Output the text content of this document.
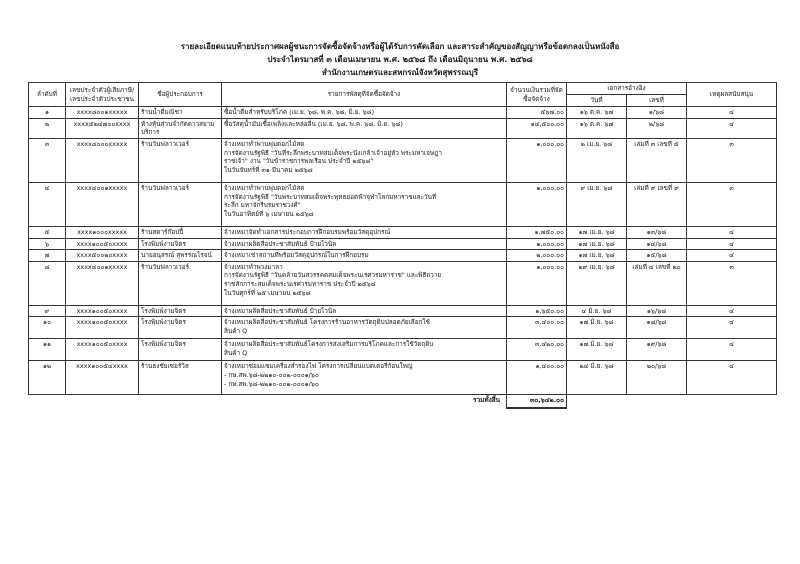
รายละเอียดแนบท้ายประกาศผลผู้ชนะการจัดซื้อจัดจ้างหรือผู้ได้รับการคัดเลือก และสาระสำคัญของสัญญาหรือข้อตกลงเป็นหนังสือ
ประจำไตรมาสที่ ๓ เดือนเมษายน พ.ศ. ๒๕๖๘ ถึง เดือนมิถุนายน พ.ศ. ๒๕๖๘
สำนักงานเกษตรและสหกรณ์จังหวัดสุพรรณบุรี
ลำดับที่	เลขประจำตัวผู้เสียภาษี/ เลขประจำตัวประชาชน	ชื่อผู้ประกอบการ	รายการพัสดุที่จัดซื้อจัดจ้าง	จำนวนเงินรวมที่จัดซื้อจัดจ้าง	เอกสารอ้างอิง		เหตุผลสนับสนุน
					วันที่	เลขที่	
๑	xxxx๘๐๐๑xxxxx	ร้านน้ำดื่มณิชา	ซื้อน้ำดื่มสำหรับบริโภค (เม.ย. ๖๘, พ.ค. ๖๘, มิ.ย. ๖๘)	๕๖๗.๐๐	๑๖ ต.ค. ๖๗	๑/๖๘	๔
๒	xxxx๕๒๔๗๐๐xxxx	ห้างหุ้นส่วนจำกัดดาวสยามบริการ	ซื้อวัสดุน้ำมันเชื้อเพลิงและหล่อลื่น (เม.ย. ๖๘, พ.ค. ๖๘, มิ.ย. ๖๘)	๑๔,๕๐๐.๐๐	๑๖ ต.ค. ๖๗	๒/๖๘	๔
๓	xxxx๔๐๐๐xxxxx	ร้านวันฟลาวเวอร์	จ้างเหมาทำพานพุ่มดอกไม้สด
การจัดงานรัฐพิธี "วันที่ระลึกพระบาทสมเด็จพระนั่งเกล้าเจ้าอยู่หัว พระมหาเจษฎา
ราชเจ้า" งาน "วันข้าราชการพลเรือน ประจำปี ๒๕๖๘"
ในวันจันทร์ที่ ๓๑ มีนาคม ๒๕๖๘	๑,๐๐๐.๐๐	๒ เม.ย. ๖๘	เล่มที่ ๓ เลขที่ ๕	๓
๔	xxxx๔๐๐๑xxxxx	ร้านวันฟลาวเวอร์	จ้างเหมาทำพานพุ่มดอกไม้สด
การจัดงานรัฐพิธี "วันพระบาทสมเด็จพระพุทธยอดฟ้าจุฬาโลกมหาราชและวันที่
ระลึก มหาจักรีบรมราชวงศ์"
ในวันอาทิตย์ที่ ๖ เมษายน ๒๕๖๘	๑,๐๐๐.๐๐	๙ เม.ย. ๖๘	เล่มที่ ๙ เลขที่ ๙	๓
๕	xxxx๑๐๐๐xxxxx	ร้านสตาร์ก๊อปปี้	จ้างเหมาจัดทำเอกสารประกอบการฝึกอบรมพร้อมวัสดุอุปกรณ์	๑,๗๕๐.๐๐	๑๗ เม.ย. ๖๘	๑๓/๖๘	๔
๖	xxxx๑๐๐๕๐xxxx	โรงพิมพ์งามจิตร	จ้างเหมาผลิตสื่อประชาสัมพันธ์ ป้ายไวนิล	๑,๐๐๐.๐๐	๑๗ เม.ย. ๖๘	๑๔/๖๘	๔
๗	xxxx๕๐๐๒๐xxxx	นายอนุสรณ์ สุพรรณไรจน์	จ้างเหมาเช่าสถานที่พร้อมวัสดุอุปกรณ์ในการฝึกอบรม	๒,๐๐๐.๐๐	๑๗ เม.ย. ๖๘	๑๕/๖๘	๔
๘	xxxx๔๐๐๑xxxxx	ร้านวันฟลาวเวอร์	จ้างเหมาทำพวงมาลา
การจัดงานรัฐพิธี "วันคล้ายวันสวรรคตสมเด็จพระนเรศวรมหาราช" และพิธีถวาย
ราชสักการะสมเด็จพระนเรศวรมหาราช ประจำปี ๒๕๖๘
ในวันศุกร์ที่ ๒๕ เมษายน ๒๕๖๘	๑,๐๐๐.๐๐	๒๙ เม.ย. ๖๘	เล่มที่ ๔ เลขที่ ๒๐	๓
๙	xxxx๑๐๐๕๐xxxx	โรงพิมพ์งามจิตร	จ้างเหมาผลิตสื่อประชาสัมพันธ์ ป้ายไวนิล	๑,๖๕๐.๐๐	๔ มิ.ย. ๖๘	๑๖/๖๘	๔
๑๐	xxxx๑๐๐๕๐xxxx	โรงพิมพ์งามจิตร	จ้างเหมาผลิตสื่อประชาสัมพันธ์ โครงการร้านอาหารวัตถุดิบปลอดภัยเลือกใช้
สินค้า Q	๓,๔๐๐.๐๐	๑๗ มิ.ย. ๖๘	๑๘/๖๘	๔
๑๑	xxxx๑๐๐๕๐xxxx	โรงพิมพ์งามจิตร	จ้างเหมาผลิตสื่อประชาสัมพันธ์โครงการส่งเสริมการบริโภคและการใช้วัตถุดิบ
สินค้า Q	๓,๔๒๐.๐๐	๑๗ มิ.ย. ๖๘	๑๙/๖๘	๔
๑๒	xxxx๑๐๐๕๔xxxx	ร้านธงชัยเซอร์วิส	จ้างเหมาซ่อมแซมเครื่องสำรองไฟ โครงการเปลี่ยนแบตเตอรี่ก้อนใหญ่
- กษ.สพ.๖๘-๒๒๑๐-๐๐๒-๐๐๐๑/๖๐
- กษ.สพ.๖๘-๒๒๑๐-๐๐๒-๐๐๐๑/๖๐	๑,๔๐๐.๐๐	๒๔ มิ.ย. ๖๘	๒๐/๖๘	๔
รวมทั้งสิ้น				๓๐,๖๔๒.๐๐			
